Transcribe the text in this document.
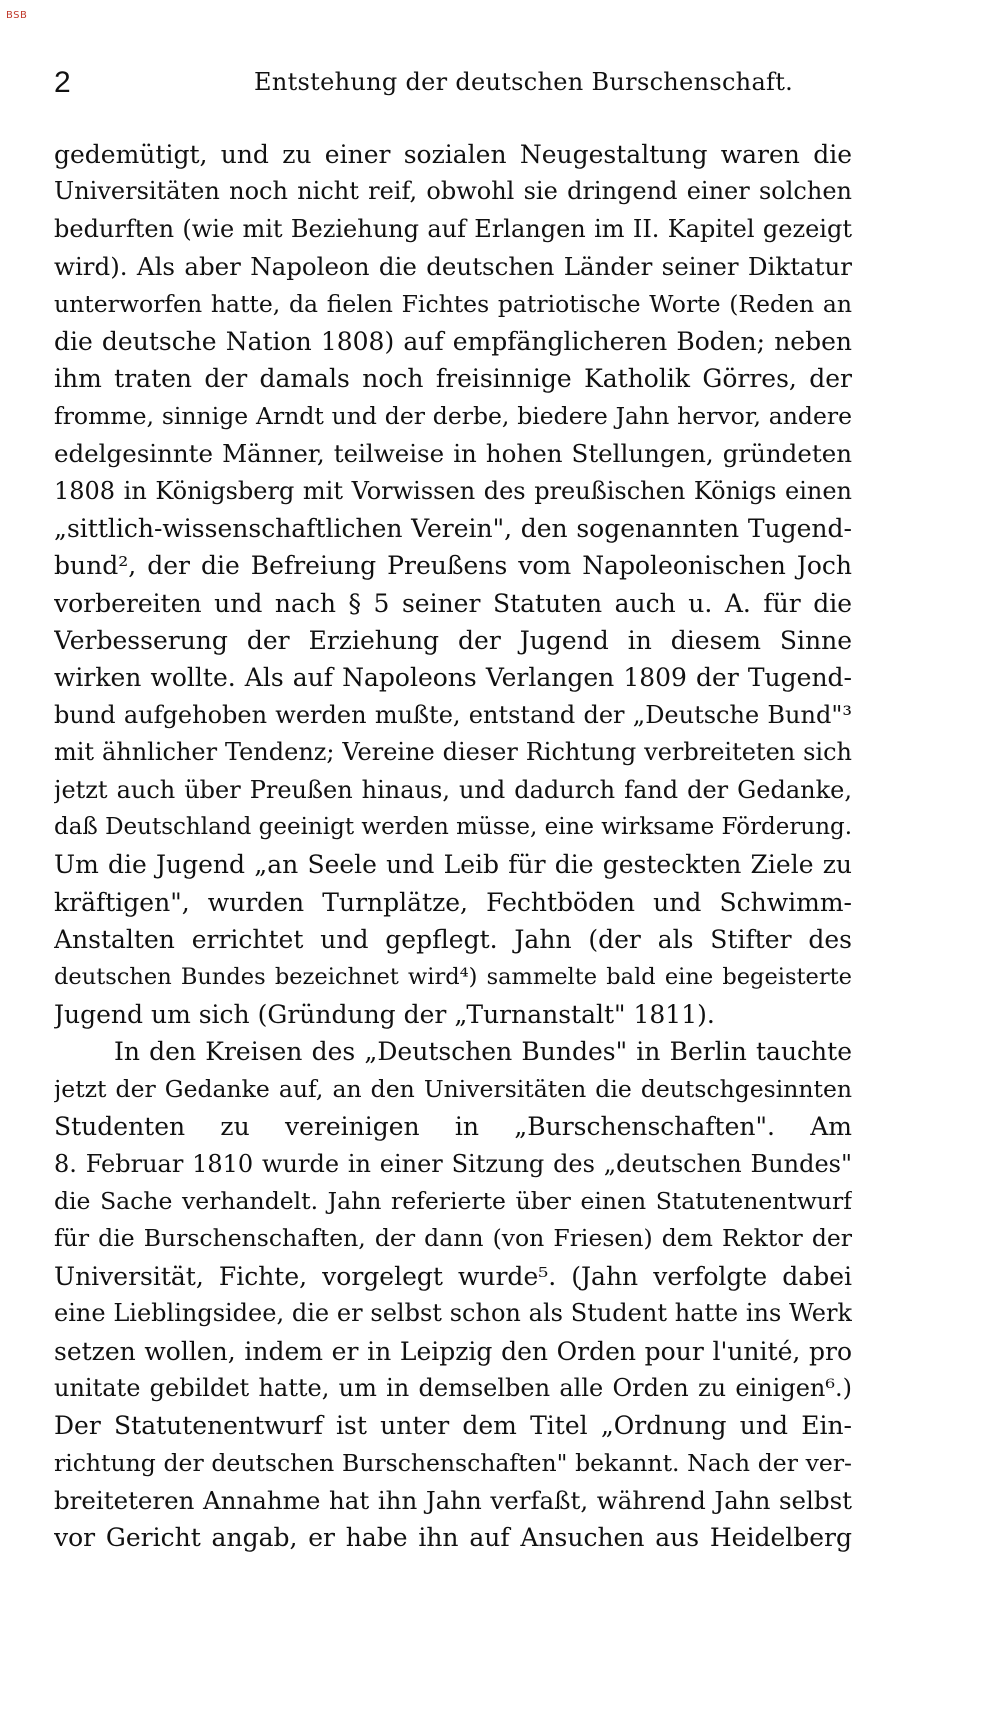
BSB
2	Entstehung der deutschen Burschenschaft.
gedemütigt, und zu einer sozialen Neugestaltung waren die
Universitäten noch nicht reif, obwohl sie dringend einer solchen
bedurften (wie mit Beziehung auf Erlangen im II. Kapitel gezeigt
wird). Als aber Napoleon die deutschen Länder seiner Diktatur
unterworfen hatte, da fielen Fichtes patriotische Worte (Reden an
die deutsche Nation 1808) auf empfänglicheren Boden; neben
ihm traten der damals noch freisinnige Katholik Görres, der
fromme, sinnige Arndt und der derbe, biedere Jahn hervor, andere
edelgesinnte Männer, teilweise in hohen Stellungen, gründeten
1808 in Königsberg mit Vorwissen des preußischen Königs einen
„sittlich-wissenschaftlichen Verein", den sogenannten Tugend-
bund², der die Befreiung Preußens vom Napoleonischen Joch
vorbereiten und nach § 5 seiner Statuten auch u. A. für die
Verbesserung der Erziehung der Jugend in diesem Sinne
wirken wollte. Als auf Napoleons Verlangen 1809 der Tugend-
bund aufgehoben werden mußte, entstand der „Deutsche Bund"³
mit ähnlicher Tendenz; Vereine dieser Richtung verbreiteten sich
jetzt auch über Preußen hinaus, und dadurch fand der Gedanke,
daß Deutschland geeinigt werden müsse, eine wirksame Förderung.
Um die Jugend „an Seele und Leib für die gesteckten Ziele zu
kräftigen", wurden Turnplätze, Fechtböden und Schwimm-
Anstalten errichtet und gepflegt. Jahn (der als Stifter des
deutschen Bundes bezeichnet wird⁴) sammelte bald eine begeisterte
Jugend um sich (Gründung der „Turnanstalt" 1811).
In den Kreisen des „Deutschen Bundes" in Berlin tauchte
jetzt der Gedanke auf, an den Universitäten die deutschgesinnten
Studenten zu vereinigen in „Burschenschaften". Am
8. Februar 1810 wurde in einer Sitzung des „deutschen Bundes"
die Sache verhandelt. Jahn referierte über einen Statutenentwurf
für die Burschenschaften, der dann (von Friesen) dem Rektor der
Universität, Fichte, vorgelegt wurde⁵. (Jahn verfolgte dabei
eine Lieblingsidee, die er selbst schon als Student hatte ins Werk
setzen wollen, indem er in Leipzig den Orden pour l'unité, pro
unitate gebildet hatte, um in demselben alle Orden zu einigen⁶.)
Der Statutenentwurf ist unter dem Titel „Ordnung und Ein-
richtung der deutschen Burschenschaften" bekannt. Nach der ver-
breiteteren Annahme hat ihn Jahn verfaßt, während Jahn selbst
vor Gericht angab, er habe ihn auf Ansuchen aus Heidelberg
